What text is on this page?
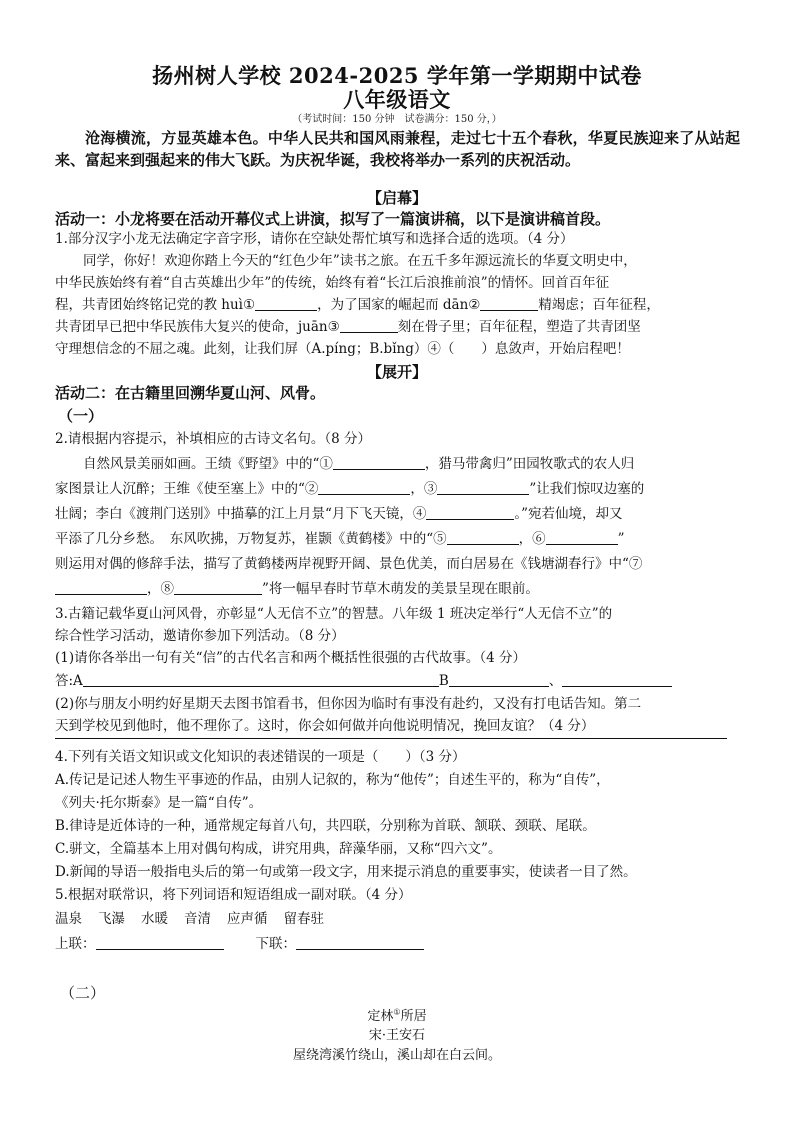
扬州树人学校 2024-2025 学年第一学期期中试卷
八年级语文
（考试时间：150 分钟　试卷满分：150 分，）
沧海横流，方显英雄本色。中华人民共和国风雨兼程，走过七十五个春秋，华夏民族迎来了从站起来、富起来到强起来的伟大飞跃。为庆祝华诞，我校将举办一系列的庆祝活动。
【启幕】
活动一：小龙将要在活动开幕仪式上讲演，拟写了一篇演讲稿，以下是演讲稿首段。
1.部分汉字小龙无法确定字音字形，请你在空缺处帮忙填写和选择合适的选项。（4 分）
同学，你好！欢迎你踏上今天的“红色少年”读书之旅。在五千多年源远流长的华夏文明史中，
中华民族始终有着“自古英雄出少年”的传统，始终有着“长江后浪推前浪”的情怀。回首百年征
程，共青团始终铭记党的教 huì①	，为了国家的崛起而 dān②	精竭虑；百年征程，
共青团早已把中华民族伟大复兴的使命，juān③	刻在骨子里；百年征程，塑造了共青团坚
守理想信念的不屈之魂。此刻，让我们屏（A.píng；B.bǐng）④（　　）息敛声，开始启程吧！
【展开】
活动二：在古籍里回溯华夏山河、风骨。
（一）
2.请根据内容提示，补填相应的古诗文名句。（8 分）
自然风景美丽如画。王绩《野望》中的“①	，猎马带禽归”田园牧歌式的农人归
家图景让人沉醉；王维《使至塞上》中的“②	，③	”让我们惊叹边塞的
壮阔；李白《渡荆门送别》中描摹的江上月景“月下飞天镜，④	。”宛若仙境，却又
平添了几分乡愁。　东风吹拂，万物复苏，崔颢《黄鹤楼》中的“⑤	，⑥	”
则运用对偶的修辞手法，描写了黄鹤楼两岸视野开阔、景色优美，而白居易在《钱塘湖春行》中“⑦
，⑧	”将一幅早春时节草木萌发的美景呈现在眼前。
3.古籍记载华夏山河风骨，亦彰显“人无信不立”的智慧。八年级 1 班决定举行“人无信不立”的
综合性学习活动，邀请你参加下列活动。（8 分）
(1)请你各举出一句有关“信”的古代名言和两个概括性很强的古代故事。（4 分）
答:A	B	、
(2)你与朋友小明约好星期天去图书馆看书，但你因为临时有事没有赴约，又没有打电话告知。第二
天到学校见到他时，他不理你了。这时，你会如何做并向他说明情况，挽回友谊？（4 分）
4.下列有关语文知识或文化知识的表述错误的一项是（　　）（3 分）
A.传记是记述人物生平事迹的作品，由别人记叙的，称为“他传”；自述生平的，称为“自传”，
《列夫·托尔斯泰》是一篇“自传”。
B.律诗是近体诗的一种，通常规定每首八句，共四联，分别称为首联、颔联、颈联、尾联。
C.骈文，全篇基本上用对偶句构成，讲究用典，辞藻华丽，又称“四六文”。
D.新闻的导语一般指电头后的第一句或第一段文字，用来提示消息的重要事实，使读者一目了然。
5.根据对联常识，将下列词语和短语组成一副对联。（4 分）
温泉 飞瀑 水暖 音清 应声循 留春驻
上联：	下联：
（二）
定林①所居
宋·王安石
屋绕湾溪竹绕山，溪山却在白云间。
